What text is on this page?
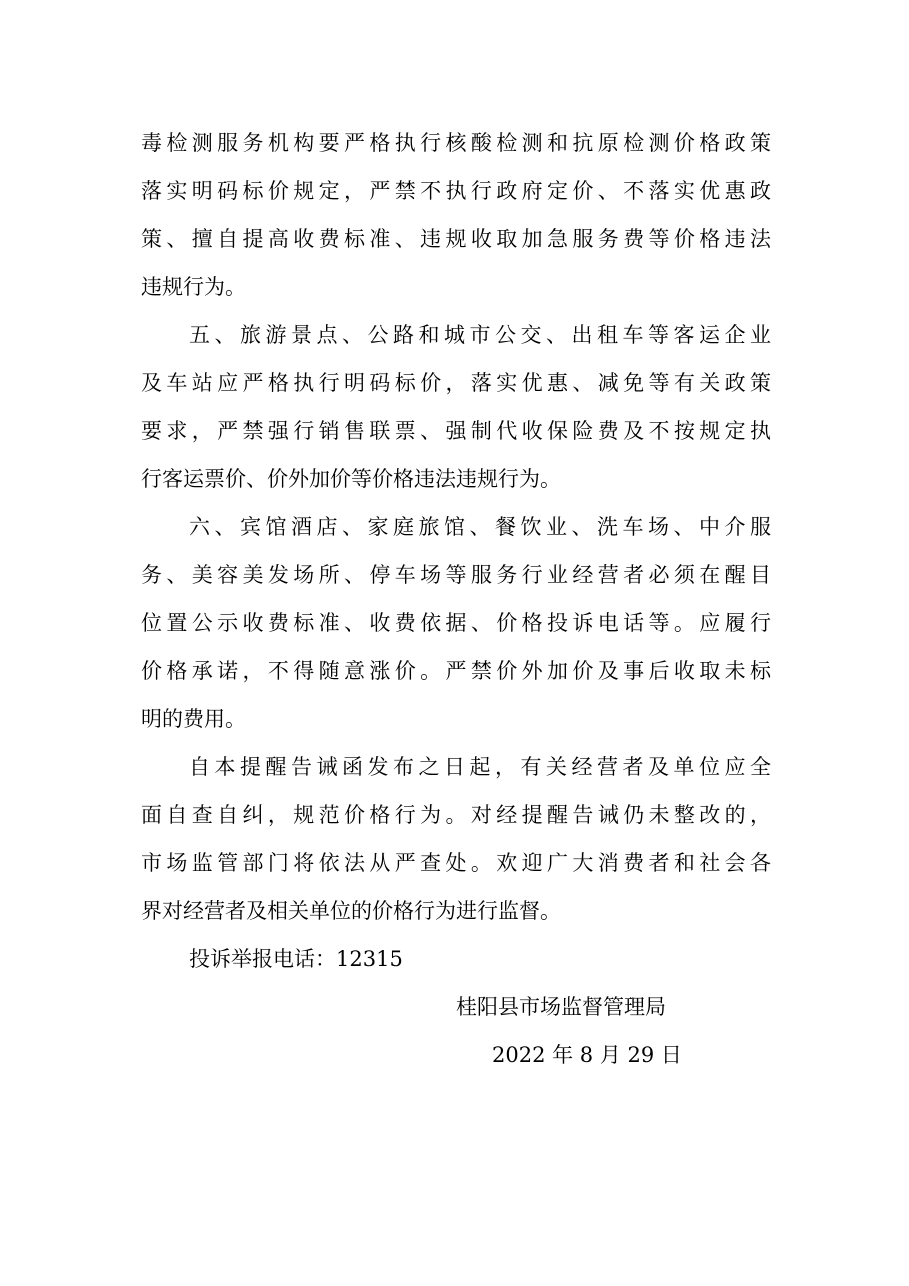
毒检测服务机构要严格执行核酸检测和抗原检测价格政策
落实明码标价规定，严禁不执行政府定价、不落实优惠政
策、擅自提高收费标准、违规收取加急服务费等价格违法
违规行为。
五、旅游景点、公路和城市公交、出租车等客运企业
及车站应严格执行明码标价，落实优惠、减免等有关政策
要求，严禁强行销售联票、强制代收保险费及不按规定执
行客运票价、价外加价等价格违法违规行为。
六、宾馆酒店、家庭旅馆、餐饮业、洗车场、中介服
务、美容美发场所、停车场等服务行业经营者必须在醒目
位置公示收费标准、收费依据、价格投诉电话等。应履行
价格承诺，不得随意涨价。严禁价外加价及事后收取未标
明的费用。
自本提醒告诫函发布之日起，有关经营者及单位应全
面自查自纠，规范价格行为。对经提醒告诫仍未整改的，
市场监管部门将依法从严查处。欢迎广大消费者和社会各
界对经营者及相关单位的价格行为进行监督。
投诉举报电话：12315
桂阳县市场监督管理局
2022 年 8 月 29 日
